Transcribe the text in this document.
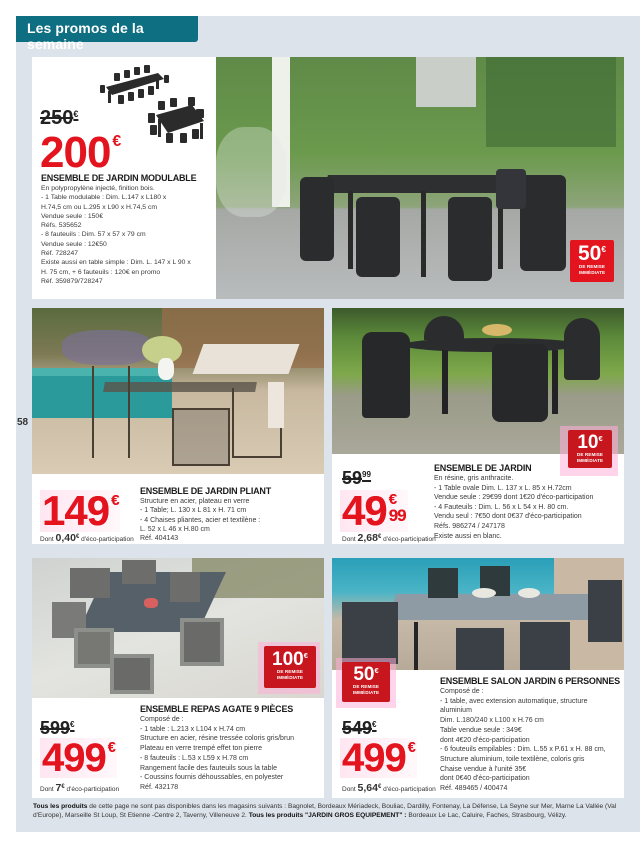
Les promos de la semaine
58
250€
200 €
ENSEMBLE DE JARDIN MODULABLE
En polypropylène injecté, finition bois.
- 1 Table modulable : Dim. L.147 x L180 x
H.74,5 cm ou L.295 x L90 x H.74,5 cm
Vendue seule : 150€
Réfs. 535652
- 8 fauteuils : Dim. 57 x 57 x 79 cm
Vendue seule : 12€50
Réf. 728247
Existe aussi en table simple : Dim. L. 147 x L 90 x
H. 75 cm, + 6 fauteuils : 120€ en promo
Réf. 359879/728247
50€
DE REMISE
IMMÉDIATE
149 €
Dont 0,40€ d'éco-participation
ENSEMBLE DE JARDIN PLIANT
Structure en acier, plateau en verre
- 1 Table; L. 130 x L 81 x H. 71 cm
- 4 Chaises pliantes, acier et textilène :
L. 52 x L 46 x H.80 cm
Réf. 404143
10€
DE REMISE
IMMÉDIATE
$59^{99}$
49 €
99
Dont 2,68€ d'éco-participation
ENSEMBLE DE JARDIN
En résine, gris anthracite.
- 1 Table ovale Dim. L. 137 x L. 85 x H.72cm
Vendue seule : 29€99 dont 1€20 d'éco-participation
- 4 Fauteuils : Dim. L. 56 x L 54 x H. 80 cm.
Vendu seul : 7€50 dont 0€37 d'éco-participation
Réfs. 986274 / 247178
Existe aussi en blanc.
100€
DE REMISE
IMMÉDIATE
599€
499 €
Dont 7€ d'éco-participation
ENSEMBLE REPAS AGATE 9 PIÈCES
Composé de :
- 1 table : L.213 x L104 x H.74 cm
Structure en acier, résine tressée coloris gris/brun
Plateau en verre trempé effet ton pierre
- 8 fauteuils : L.53 x L59 x H.78 cm
Rangement facile des fauteuils sous la table
- Coussins fournis déhoussables, en polyester
Réf. 432178
50€
DE REMISE
IMMÉDIATE
549€
499 €
Dont 5,64€ d'éco-participation
ENSEMBLE SALON JARDIN 6 PERSONNES
Composé de :
- 1 table, avec extension automatique, structure
aluminium
Dim. L.180/240 x L100 x H.76 cm
Table vendue seule : 349€
dont 4€20 d'éco-participation
- 6 fouteuils empilables : Dim. L.55 x P.61 x H. 88 cm,
Structure aluminium, toile textilène, coloris gris
Chaise vendue à l'unité 35€
dont 0€40 d'éco-participation
Réf. 489465 / 400474
Tous les produits de cette page ne sont pas disponibles dans les magasins suivants : Bagnolet, Bordeaux Mériadeck, Bouliac, Dardilly, Fontenay, La Défense, La Seyne sur Mer, Marne La Vallée (Val d'Europe), Marseille St Loup, St Etienne -Centre 2, Taverny, Villeneuve 2. Tous les produits "JARDIN GROS EQUIPEMENT" : Bordeaux Le Lac, Caluire, Faches, Strasbourg, Vélizy.
